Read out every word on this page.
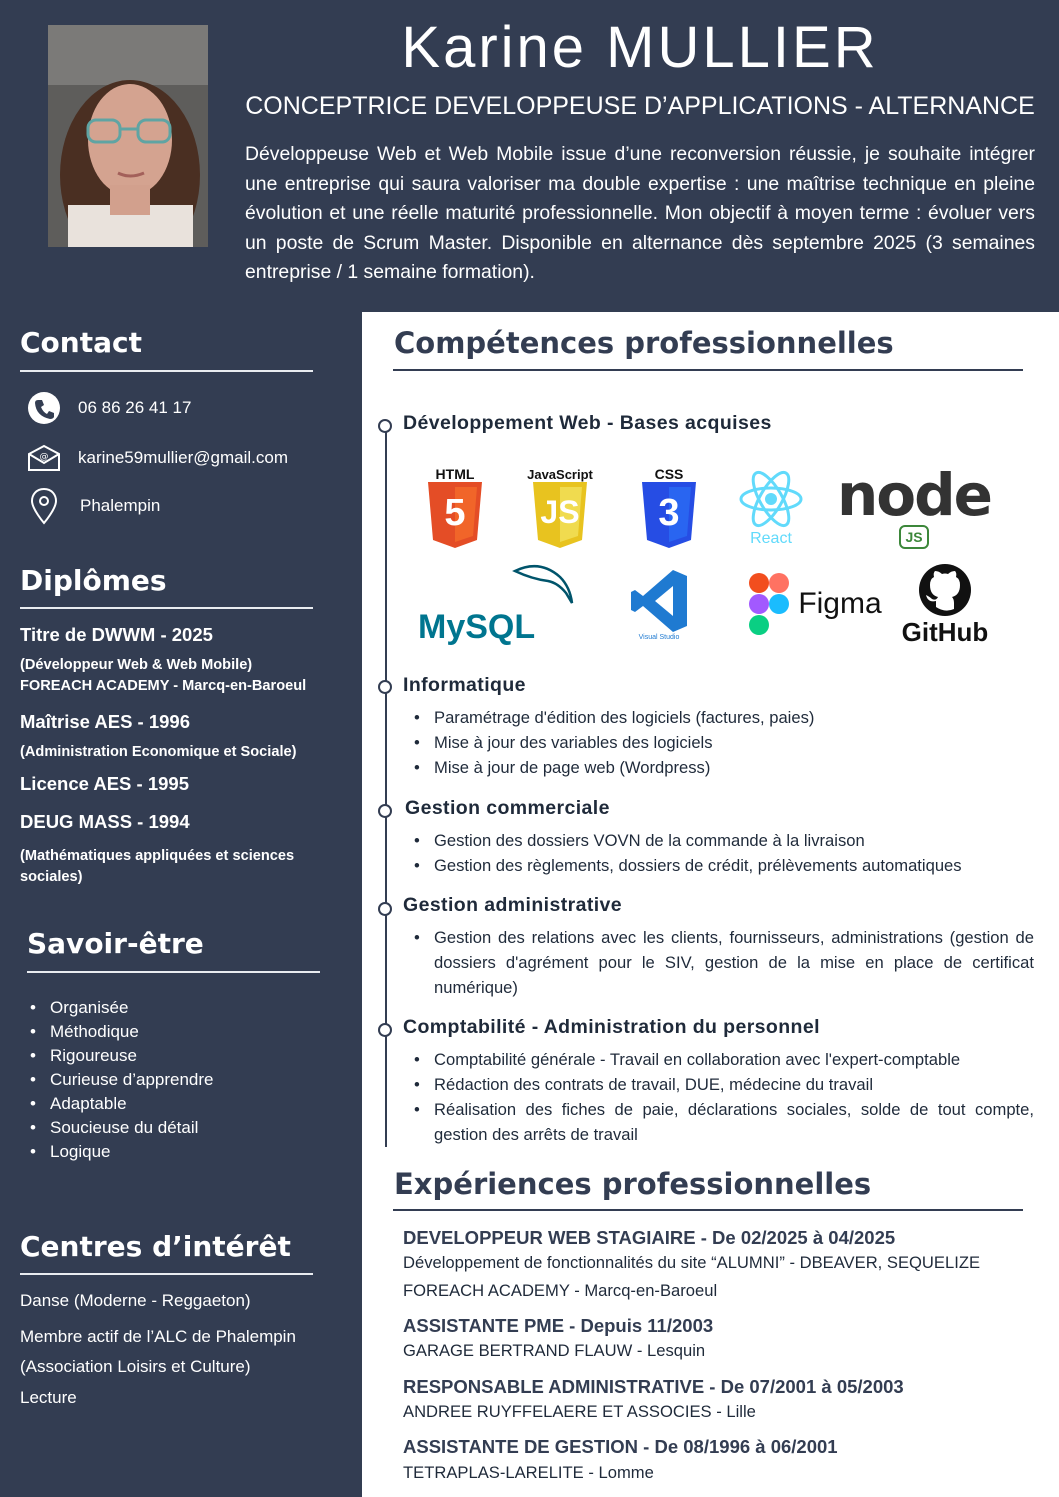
Karine MULLIER
CONCEPTRICE DEVELOPPEUSE D’APPLICATIONS - ALTERNANCE
Développeuse Web et Web Mobile issue d’une reconversion réussie, je souhaite intégrer une entreprise qui saura valoriser ma double expertise : une maîtrise technique en pleine évolution et une réelle maturité professionnelle. Mon objectif à moyen terme : évoluer vers un poste de Scrum Master. Disponible en alternance dès septembre 2025 (3 semaines entreprise / 1 semaine formation).
Contact
06 86 26 41 17
@ karine59mullier@gmail.com
Phalempin
Diplômes
Titre de DWWM - 2025
(Développeur Web & Web Mobile)
FOREACH ACADEMY - Marcq-en-Baroeul
Maîtrise AES - 1996
(Administration Economique et Sociale)
Licence AES - 1995
DEUG MASS - 1994
(Mathématiques appliquées et sciences sociales)
Savoir-être
• Organisée
• Méthodique
• Rigoureuse
• Curieuse d’apprendre
• Adaptable
• Soucieuse du détail
• Logique
Centres d’intérêt
Danse (Moderne - Reggaeton)
Membre actif de l’ALC de Phalempin
(Association Loisirs et Culture)
Lecture
Compétences professionnelles
Développement Web - Bases acquises
HTML
5
JavaScript
JS
CSS
3
React
node
JS
MySQL	Visual Studio
Figma
GitHub
Informatique
• Paramétrage d'édition des logiciels (factures, paies)
• Mise à jour des variables des logiciels
• Mise à jour de page web (Wordpress)
Gestion commerciale
• Gestion des dossiers VOVN de la commande à la livraison
• Gestion des règlements, dossiers de crédit, prélèvements automatiques
Gestion administrative
• Gestion des relations avec les clients, fournisseurs, administrations (gestion de dossiers d'agrément pour le SIV, gestion de la mise en place de certificat numérique)
Comptabilité - Administration du personnel
• Comptabilité générale - Travail en collaboration avec l'expert-comptable
• Rédaction des contrats de travail, DUE, médecine du travail
• Réalisation des fiches de paie, déclarations sociales, solde de tout compte, gestion des arrêts de travail
Expériences professionnelles
DEVELOPPEUR WEB STAGIAIRE - De 02/2025 à 04/2025
Développement de fonctionnalités du site “ALUMNI” - DBEAVER, SEQUELIZE
FOREACH ACADEMY - Marcq-en-Baroeul
ASSISTANTE PME - Depuis 11/2003
GARAGE BERTRAND FLAUW - Lesquin
RESPONSABLE ADMINISTRATIVE - De 07/2001 à 05/2003
ANDREE RUYFFELAERE ET ASSOCIES - Lille
ASSISTANTE DE GESTION - De 08/1996 à 06/2001
TETRAPLAS-LARELITE - Lomme
